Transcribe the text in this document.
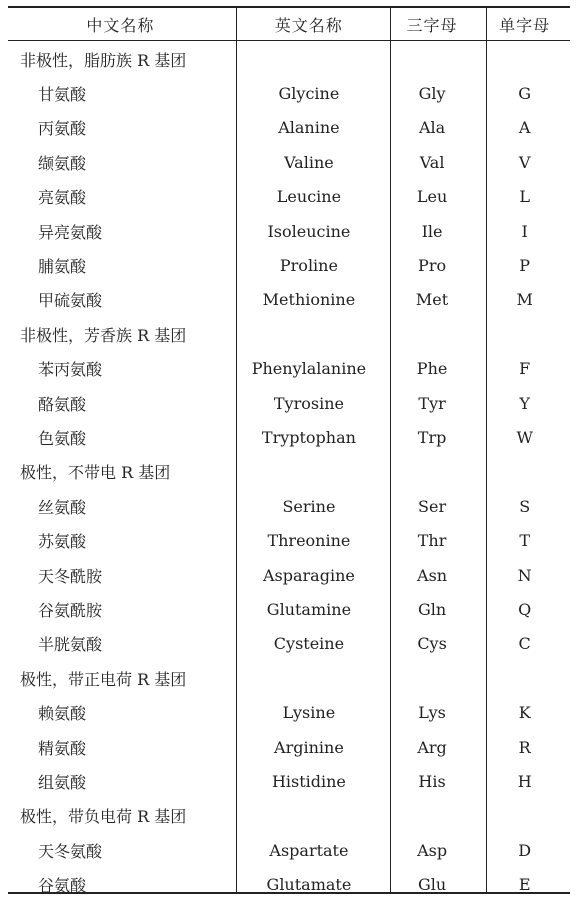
中文名称	英文名称	三字母	单字母
非极性，脂肪族 R 基团
甘氨酸	Glycine	Gly	G
丙氨酸	Alanine	Ala	A
缬氨酸	Valine	Val	V
亮氨酸	Leucine	Leu	L
异亮氨酸	Isoleucine	Ile	I
脯氨酸	Proline	Pro	P
甲硫氨酸	Methionine	Met	M
非极性，芳香族 R 基团
苯丙氨酸	Phenylalanine	Phe	F
酪氨酸	Tyrosine	Tyr	Y
色氨酸	Tryptophan	Trp	W
极性，不带电 R 基团
丝氨酸	Serine	Ser	S
苏氨酸	Threonine	Thr	T
天冬酰胺	Asparagine	Asn	N
谷氨酰胺	Glutamine	Gln	Q
半胱氨酸	Cysteine	Cys	C
极性，带正电荷 R 基团
赖氨酸	Lysine	Lys	K
精氨酸	Arginine	Arg	R
组氨酸	Histidine	His	H
极性，带负电荷 R 基团
天冬氨酸	Aspartate	Asp	D
谷氨酸	Glutamate	Glu	E
